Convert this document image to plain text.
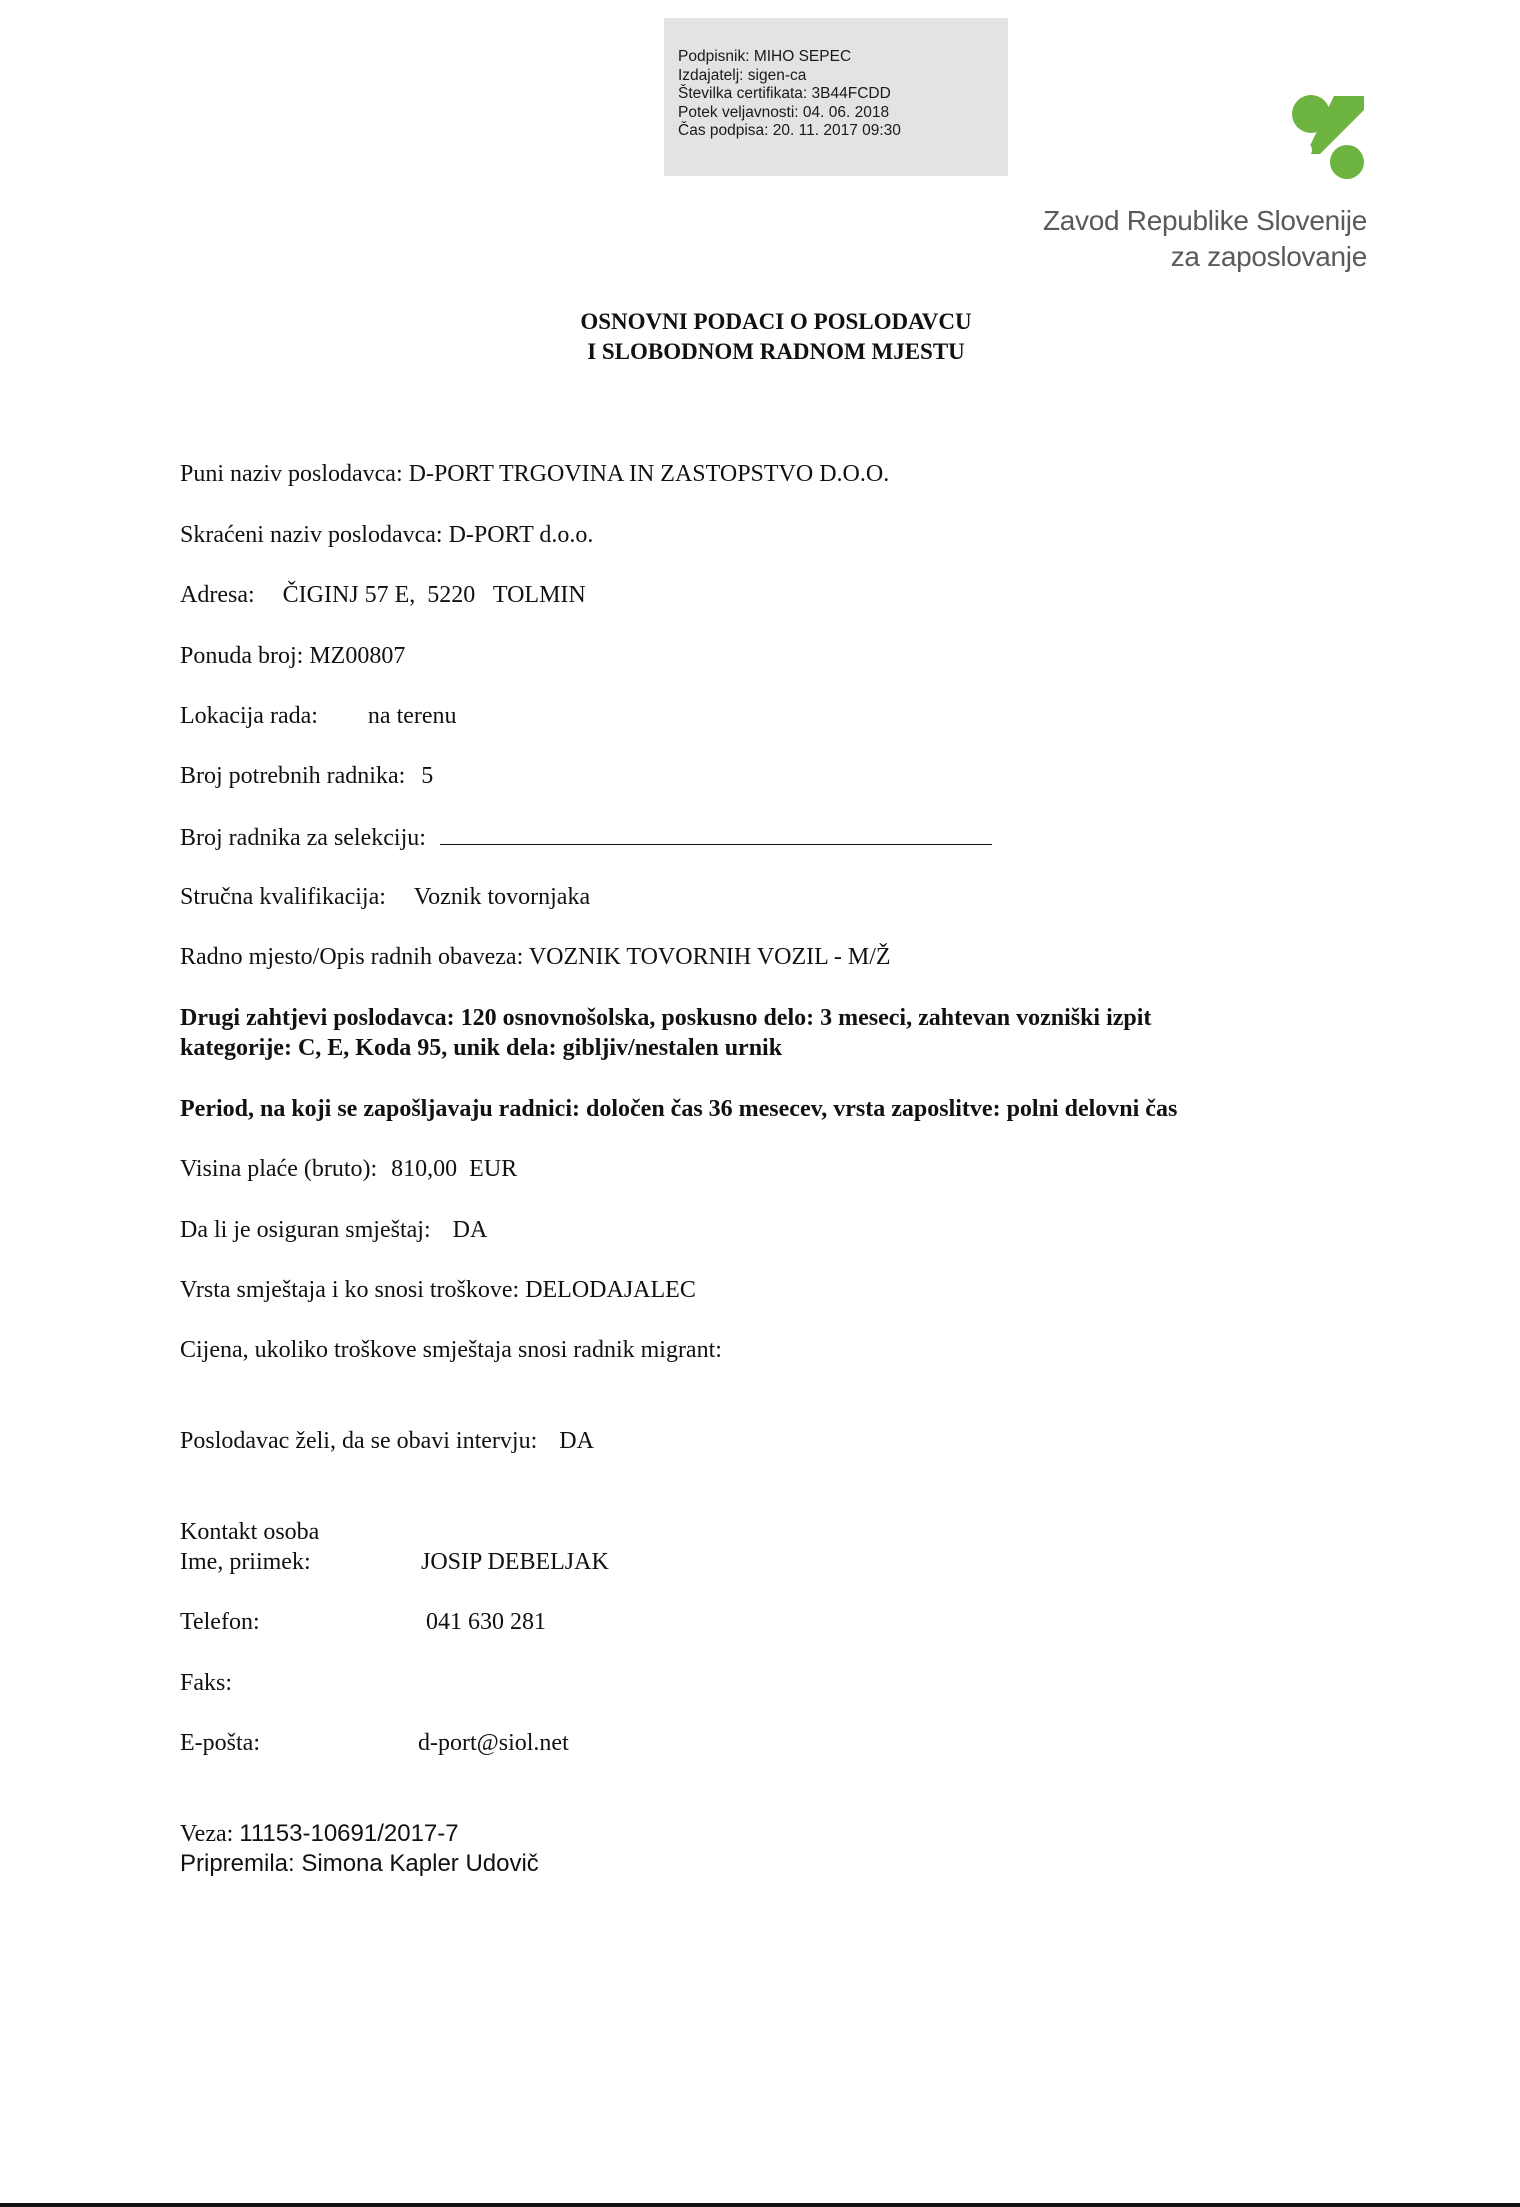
Podpisnik: MIHO SEPEC
Izdajatelj: sigen-ca
Številka certifikata: 3B44FCDD
Potek veljavnosti: 04. 06. 2018
Čas podpisa: 20. 11. 2017 09:30
Zavod Republike Slovenije
za zaposlovanje
OSNOVNI PODACI O POSLODAVCU
I SLOBODNOM RADNOM MJESTU
Puni naziv poslodavca: D-PORT TRGOVINA IN ZASTOPSTVO D.O.O.
Skraćeni naziv poslodavca: D-PORT d.o.o.
Adresa: ČIGINJ 57 E,  5220   TOLMIN
Ponuda broj: MZ00807
Lokacija rada: na terenu
Broj potrebnih radnika: 5
Broj radnika za selekciju:
Stručna kvalifikacija: Voznik tovornjaka
Radno mjesto/Opis radnih obaveza: VOZNIK TOVORNIH VOZIL - M/Ž
Drugi zahtjevi poslodavca: 120 osnovnošolska, poskusno delo: 3 meseci, zahtevan vozniški izpit
kategorije: C, E, Koda 95, unik dela: gibljiv/nestalen urnik
Period, na koji se zapošljavaju radnici: določen čas 36 mesecev, vrsta zaposlitve: polni delovni čas
Visina plaće (bruto): 810,00  EUR
Da li je osiguran smještaj: DA
Vrsta smještaja i ko snosi troškove: DELODAJALEC
Cijena, ukoliko troškove smještaja snosi radnik migrant:
Poslodavac želi, da se obavi intervju: DA
Kontakt osoba
Ime, priimek:	JOSIP DEBELJAK
Telefon:	041 630 281
Faks:
E-pošta:	d-port@siol.net
Veza: 11153-10691/2017-7
Pripremila: Simona Kapler Udovič
